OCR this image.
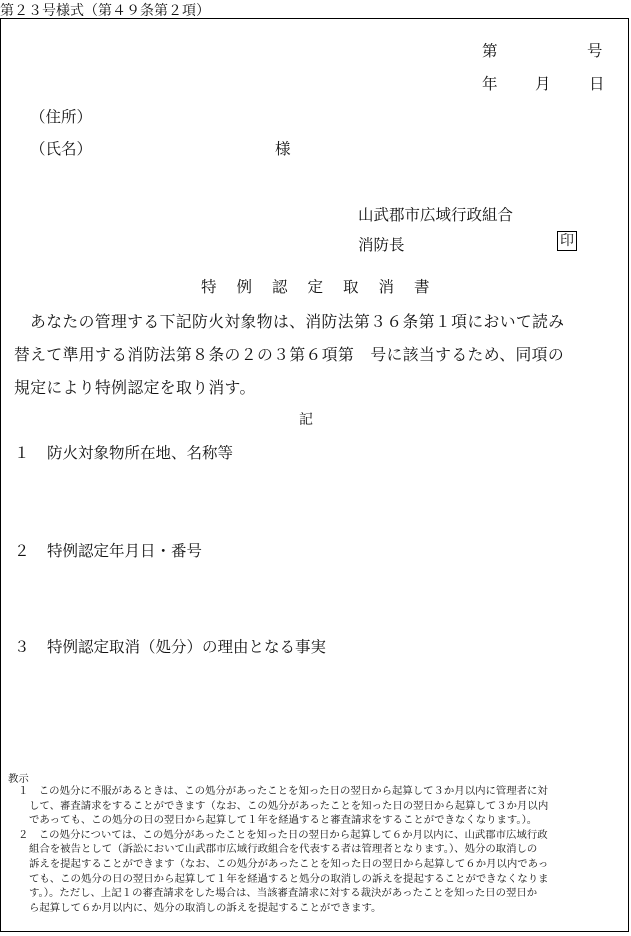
第２３号様式（第４９条第２項）
第	号
年 月 日
（住所）
（氏名）	様
山武郡市広域行政組合
消防長	印
特例認定取消書
あなたの管理する下記防火対象物は、消防法第３６条第１項において読み
替えて準用する消防法第８条の２の３第６項第　号に該当するため、同項の
規定により特例認定を取り消す。
記
１ 防火対象物所在地、名称等
２ 特例認定年月日・番号
３ 特例認定取消（処分）の理由となる事実
教示
１　この処分に不服があるときは、この処分があったことを知った日の翌日から起算して３か月以内に管理者に対
して、審査請求をすることができます（なお、この処分があったことを知った日の翌日から起算して３か月以内
であっても、この処分の日の翌日から起算して１年を経過すると審査請求をすることができなくなります。）。
２　この処分については、この処分があったことを知った日の翌日から起算して６か月以内に、山武郡市広域行政
組合を被告として（訴訟において山武郡市広域行政組合を代表する者は管理者となります。）、処分の取消しの
訴えを提起することができます（なお、この処分があったことを知った日の翌日から起算して６か月以内であっ
ても、この処分の日の翌日から起算して１年を経過すると処分の取消しの訴えを提起することができなくなりま
す。）。ただし、上記１の審査請求をした場合は、当該審査請求に対する裁決があったことを知った日の翌日か
ら起算して６か月以内に、処分の取消しの訴えを提起することができます。
